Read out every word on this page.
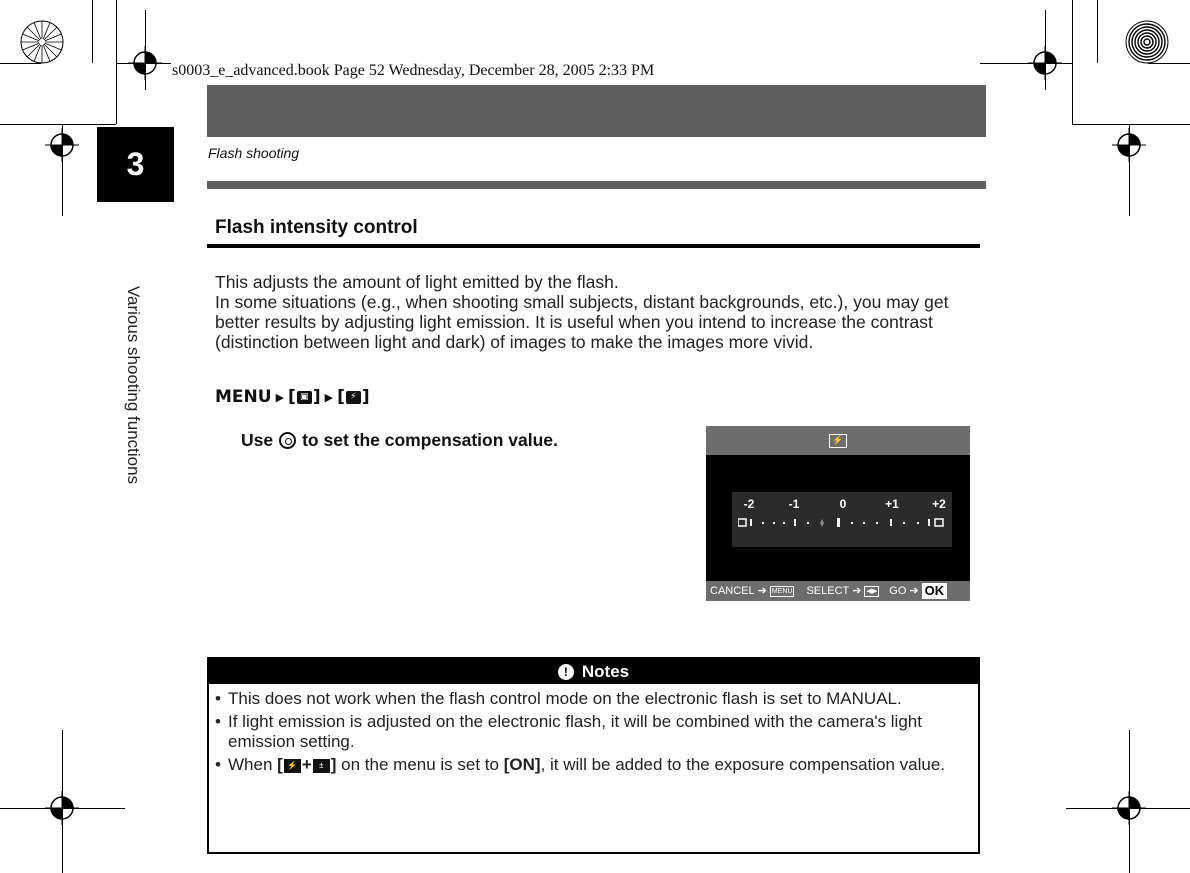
s0003_e_advanced.book Page 52 Wednesday, December 28, 2005 2:33 PM
Flash shooting
Flash intensity control

This adjusts the amount of light emitted by the flash.

In some situations (e.g., when shooting small subjects, distant backgrounds, etc.), you may get better results by adjusting light emission. It is useful when you intend to increase the contrast (distinction between light and dark) of images to make the images more vivid.

3
Various shooting functions	MENU ▶ [ ▣ ] ▶ [ ⚡ ]
Use to set the compensation value.	⚡
-2	-1	0	+1	+2
CANCEL ➔ MENU SELECT ➔ ◀▶ GO ➔ OK
! Notes
• This does not work when the flash control mode on the electronic flash is set to MANUAL.
• If light emission is adjusted on the electronic flash, it will be combined with the camera's light emission setting.
• When [ ⚡ + ± ] on the menu is set to [ON], it will be added to the exposure compensation value.
